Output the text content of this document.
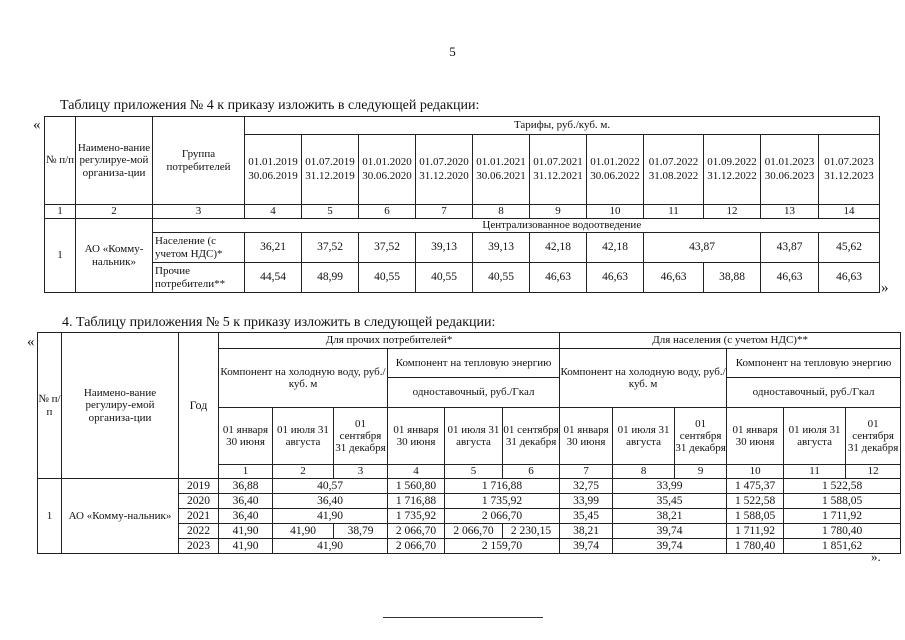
5
Таблицу приложения № 4 к приказу изложить в следующей редакции:
«
№ п/п	Наимено-вание регулируе-мой организа-ции	Группа потребителей	Тарифы, руб./куб. м.										
			01.01.2019 30.06.2019	01.07.2019 31.12.2019	01.01.2020 30.06.2020	01.07.2020 31.12.2020	01.01.2021 30.06.2021	01.07.2021 31.12.2021	01.01.2022 30.06.2022	01.07.2022 31.08.2022	01.09.2022 31.12.2022	01.01.2023 30.06.2023	01.07.2023 31.12.2023
1	2	3	4	5	6	7	8	9	10	11	12	13	14
1	АО «Комму-нальник»		Централизованное водоотведение										
		Население (с учетом НДС)*	36,21	37,52	37,52	39,13	39,13	42,18	42,18	43,87		43,87	45,62
		Прочие потребители**	44,54	48,99	40,55	40,55	40,55	46,63	46,63	46,63	38,88	46,63	46,63
»
4. Таблицу приложения № 5 к приказу изложить в следующей редакции:
«
№ п/п	Наимено-вание регулиру-емой организа-ции	Год	Для прочих потребителей*						Для населения (с учетом НДС)**						
			Компонент на холодную воду, руб./куб. м			Компонент на тепловую энергию			Компонент на холодную воду, руб./куб. м			Компонент на тепловую энергию			
						одноставочный, руб./Гкал						одноставочный, руб./Гкал			
			01 января 30 июня	01 июля 31 августа	01 сентября 31 декабря	01 января 30 июня	01 июля 31 августа	01 сентября 31 декабря	01 января 30 июня	01 июля 31 августа	01 сентября 31 декабря	01 января 30 июня	01 июля 31 августа	01 сентября 31 декабря	
			1	2	3	4	5	6	7	8	9	10	11	12			
1	АО «Комму-нальник»	2019	36,88	40,57		1 560,80	1 716,88		32,75	33,99		1 475,37	1 522,58		
		2020	36,40	36,40		1 716,88	1 735,92		33,99	35,45		1 522,58	1 588,05		
		2021	36,40	41,90		1 735,92	2 066,70		35,45	38,21		1 588,05	1 711,92		
		2022	41,90	41,90	38,79	2 066,70	2 066,70	2 230,15	38,21	39,74		1 711,92	1 780,40		
		2023	41,90	41,90		2 066,70	2 159,70		39,74	39,74		1 780,40	1 851,62		
».
